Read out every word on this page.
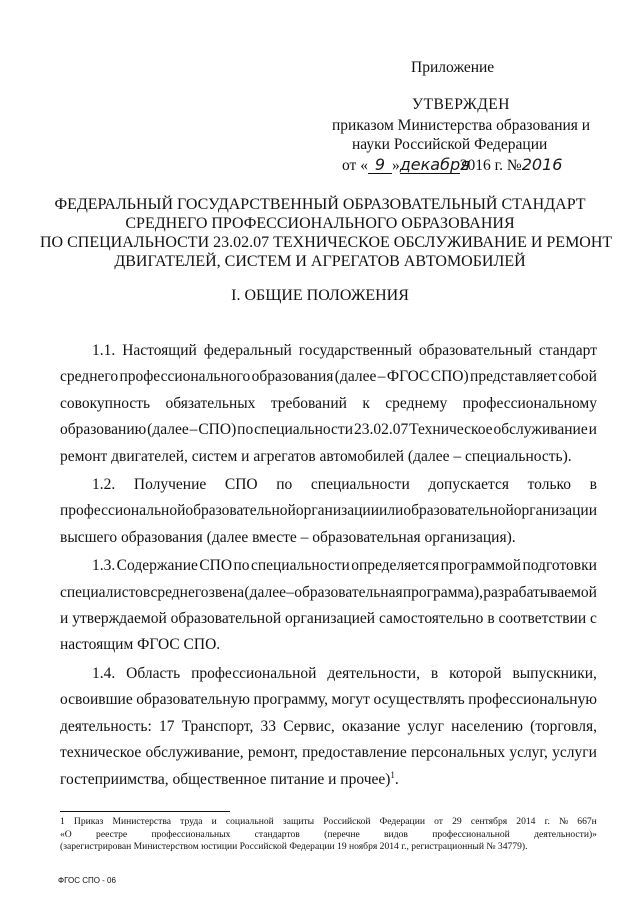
Приложение
УТВЕРЖДЕН
приказом Министерства образования и
науки Российской Федерации
от « 9 »декабря2016 г. №2016
ФЕДЕРАЛЬНЫЙ ГОСУДАРСТВЕННЫЙ ОБРАЗОВАТЕЛЬНЫЙ СТАНДАРТ
СРЕДНЕГО ПРОФЕССИОНАЛЬНОГО ОБРАЗОВАНИЯ
ПО СПЕЦИАЛЬНОСТИ 23.02.07 ТЕХНИЧЕСКОЕ ОБСЛУЖИВАНИЕ И РЕМОНТ
ДВИГАТЕЛЕЙ, СИСТЕМ И АГРЕГАТОВ АВТОМОБИЛЕЙ
I. ОБЩИЕ ПОЛОЖЕНИЯ
1.1. Настоящий федеральный государственный образовательный стандарт
среднего профессионального образования (далее – ФГОС СПО) представляет собой
совокупность обязательных требований к среднему профессиональному
образованию (далее – СПО) по специальности 23.02.07 Техническое обслуживание и
ремонт двигателей, систем и агрегатов автомобилей (далее – специальность).
1.2. Получение СПО по специальности допускается только в
профессиональной образовательной организации или образовательной организации
высшего образования (далее вместе – образовательная организация).
1.3. Содержание СПО по специальности определяется программой подготовки
специалистов среднего звена (далее – образовательная программа), разрабатываемой
и утверждаемой образовательной организацией самостоятельно в соответствии с
настоящим ФГОС СПО.
1.4. Область профессиональной деятельности, в которой выпускники,
освоившие образовательную программу, могут осуществлять профессиональную
деятельность: 17 Транспорт, 33 Сервис, оказание услуг населению (торговля,
техническое обслуживание, ремонт, предоставление персональных услуг, услуги
гостеприимства, общественное питание и прочее)$^1$.
1 Приказ Министерства труда и социальной защиты Российской Федерации от 29 сентября 2014 г. № 667н
«О	реестре	профессиональных	стандартов	(перечне	видов	профессиональной	деятельности)»
(зарегистрирован Министерством юстиции Российской Федерации 19 ноября 2014 г., регистрационный № 34779).
ФГОС СПО - 06
